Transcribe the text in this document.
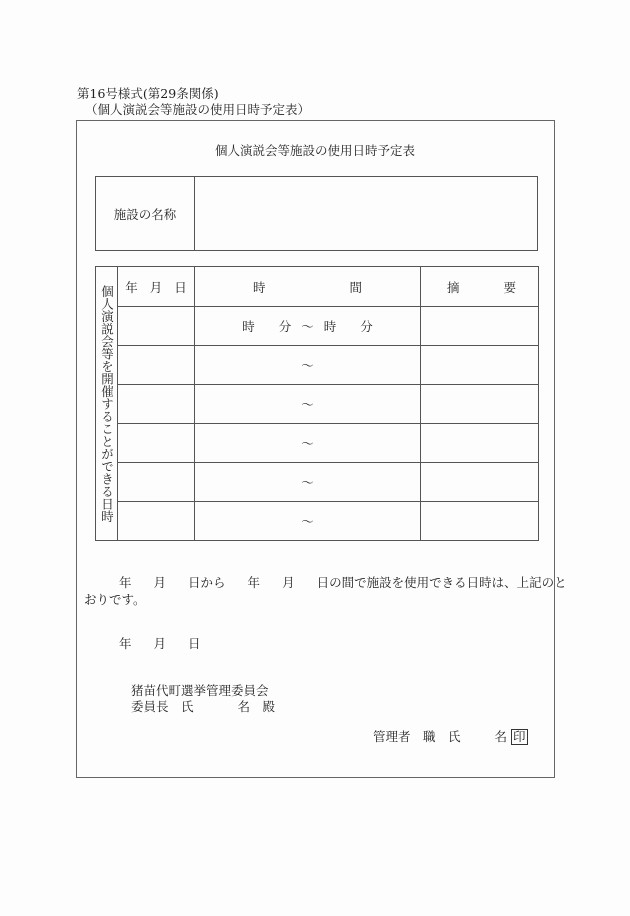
第16号様式(第29条関係)
（個人演説会等施設の使用日時予定表）
個人演説会等施設の使用日時予定表
施設の名称
個人演説会等を開催することができる日時	年 月 日	時 間	摘 要

		時 分 ～ 時 分	
		～	
		～	
		～	
		～	
		～	
年 月 日から 年 月 日の間で施設を使用できる日時は、上記のと
おりです。
年 月 日
猪苗代町選挙管理委員会
委員長　氏	名　殿
管理者　職　氏	名 印
